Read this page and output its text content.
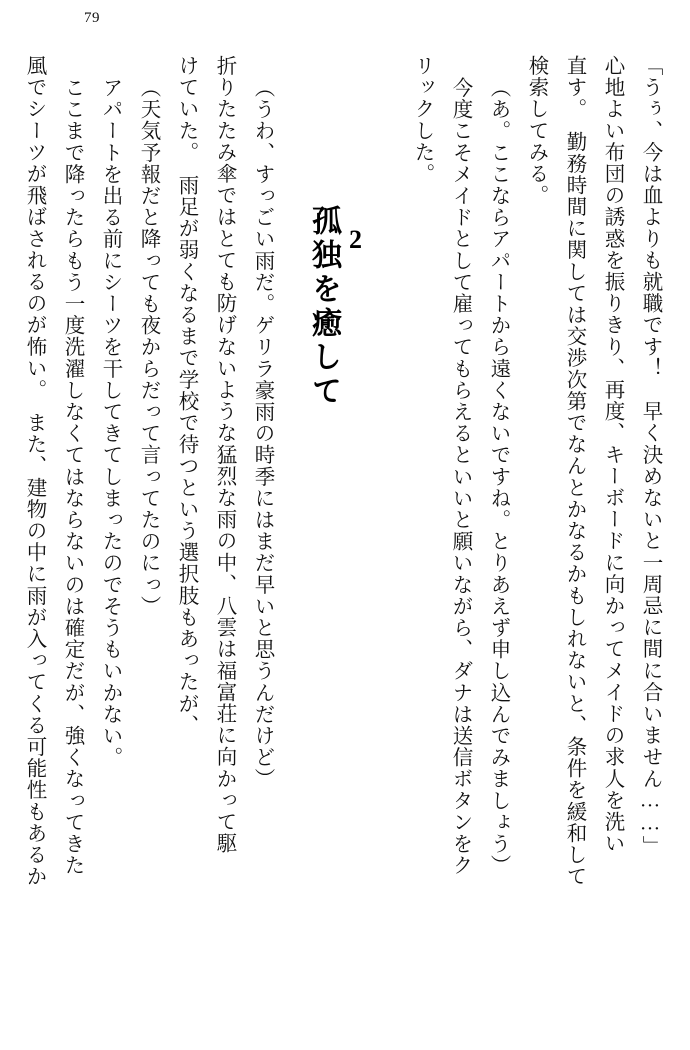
79
「うぅ、今は血よりも就職です！　早く決めないと一周忌に間に合いません……」
心地よい布団の誘惑を振りきり、再度、キーボードに向かってメイドの求人を洗い
直す。　勤務時間に関しては交渉次第でなんとかなるかもしれないと、条件を緩和して
検索してみる。
（あ。ここならアパートから遠くないですね。とりあえず申し込んでみましょう）
今度こそメイドとして雇ってもらえるといいと願いながら、ダナは送信ボタンをク
リックした。
2
孤独を癒して
（うわ、すっごい雨だ。ゲリラ豪雨の時季にはまだ早いと思うんだけど）
折りたたみ傘ではとても防げないような猛烈な雨の中、八雲は福富荘に向かって駆
けていた。　雨足が弱くなるまで学校で待つという選択肢もあったが、
（天気予報だと降っても夜からだって言ってたのにっ）
アパートを出る前にシーツを干してきてしまったのでそうもいかない。
ここまで降ったらもう一度洗濯しなくてはならないのは確定だが、強くなってきた
風でシーツが飛ばされるのが怖い。　また、建物の中に雨が入ってくる可能性もあるか
